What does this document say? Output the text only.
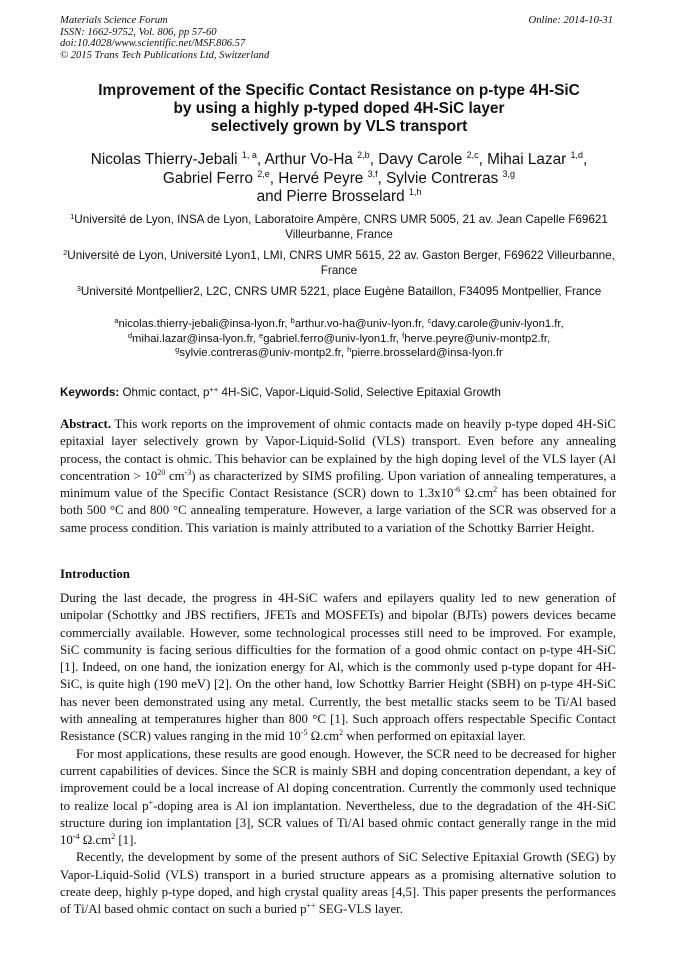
Materials Science Forum
ISSN: 1662-9752, Vol. 806, pp 57-60
doi:10.4028/www.scientific.net/MSF.806.57
© 2015 Trans Tech Publications Ltd, Switzerland
Online: 2014-10-31
Improvement of the Specific Contact Resistance on p-type 4H-SiC
by using a highly p-typed doped 4H-SiC layer
selectively grown by VLS transport
Nicolas Thierry-Jebali $^{1, a}$, Arthur Vo-Ha $^{2,b}$, Davy Carole $^{2,c}$, Mihai Lazar $^{1,d}$,
Gabriel Ferro $^{2,e}$, Hervé Peyre $^{3,f}$, Sylvie Contreras $^{3,g}$
and Pierre Brosselard $^{1,h}$
$^1$Université de Lyon, INSA de Lyon, Laboratoire Ampère, CNRS UMR 5005, 21 av. Jean Capelle F69621 Villeurbanne, France
$^2$Université de Lyon, Université Lyon1, LMI, CNRS UMR 5615, 22 av. Gaston Berger, F69622 Villeurbanne, France
$^3$Université Montpellier2, L2C, CNRS UMR 5221, place Eugène Bataillon, F34095 Montpellier, France
$^a$nicolas.thierry-jebali@insa-lyon.fr, $^b$arthur.vo-ha@univ-lyon.fr, $^c$davy.carole@univ-lyon1.fr,
$^d$mihai.lazar@insa-lyon.fr, $^e$gabriel.ferro@univ-lyon1.fr, $^f$herve.peyre@univ-montp2.fr,
$^g$sylvie.contreras@univ-montp2.fr, $^h$pierre.brosselard@insa-lyon.fr
Keywords: Ohmic contact, p++ 4H-SiC, Vapor-Liquid-Solid, Selective Epitaxial Growth
Abstract. This work reports on the improvement of ohmic contacts made on heavily p-type doped 4H-SiC epitaxial layer selectively grown by Vapor-Liquid-Solid (VLS) transport. Even before any annealing process, the contact is ohmic. This behavior can be explained by the high doping level of the VLS layer (Al concentration > $10^{20}$ $cm^{-3}$) as characterized by SIMS profiling. Upon variation of annealing temperatures, a minimum value of the Specific Contact Resistance (SCR) down to $1.3x10^{-6}$ $\Omega.cm^2$ has been obtained for both 500 °C and 800 °C annealing temperature. However, a large variation of the SCR was observed for a same process condition. This variation is mainly attributed to a variation of the Schottky Barrier Height.
Introduction

During the last decade, the progress in 4H-SiC wafers and epilayers quality led to new generation of unipolar (Schottky and JBS rectifiers, JFETs and MOSFETs) and bipolar (BJTs) powers devices became commercially available. However, some technological processes still need to be improved. For example, SiC community is facing serious difficulties for the formation of a good ohmic contact on p-type 4H-SiC [1]. Indeed, on one hand, the ionization energy for Al, which is the commonly used p-type dopant for 4H-SiC, is quite high (190 meV) [2]. On the other hand, low Schottky Barrier Height (SBH) on p-type 4H-SiC has never been demonstrated using any metal. Currently, the best metallic stacks seem to be Ti/Al based with annealing at temperatures higher than 800 °C [1]. Such approach offers respectable Specific Contact Resistance (SCR) values ranging in the mid $10^{-5}$ $\Omega.cm^2$ when performed on epitaxial layer.

For most applications, these results are good enough. However, the SCR need to be decreased for higher current capabilities of devices. Since the SCR is mainly SBH and doping concentration dependant, a key of improvement could be a local increase of Al doping concentration. Currently the commonly used technique to realize local p+-doping area is Al ion implantation. Nevertheless, due to the degradation of the 4H-SiC structure during ion implantation [3], SCR values of Ti/Al based ohmic contact generally range in the mid $10^{-4}$ $\Omega.cm^2$ [1].

Recently, the development by some of the present authors of SiC Selective Epitaxial Growth (SEG) by Vapor-Liquid-Solid (VLS) transport in a buried structure appears as a promising alternative solution to create deep, highly p-type doped, and high crystal quality areas [4,5]. This paper presents the performances of Ti/Al based ohmic contact on such a buried p++ SEG-VLS layer.
